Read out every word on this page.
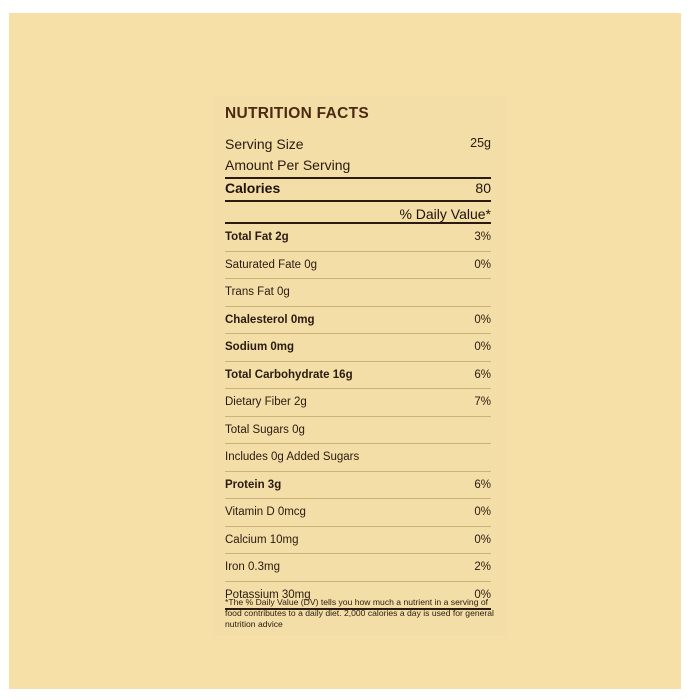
NUTRITION FACTS
Serving Size	25g
Amount Per Serving
Calories	80
% Daily Value*
Total Fat 2g	3%
Saturated Fate 0g	0%
Trans Fat 0g
Chalesterol 0mg	0%
Sodium 0mg	0%
Total Carbohydrate 16g	6%
Dietary Fiber 2g	7%
Total Sugars 0g
Includes 0g Added Sugars
Protein 3g	6%
Vitamin D 0mcg	0%
Calcium 10mg	0%
Iron 0.3mg	2%
Potassium 30mg	0%
*The % Daily Value (DV) tells you how much a nutrient in a serving of food contributes to a daily diet. 2,000 calories a day is used for general nutrition advice
